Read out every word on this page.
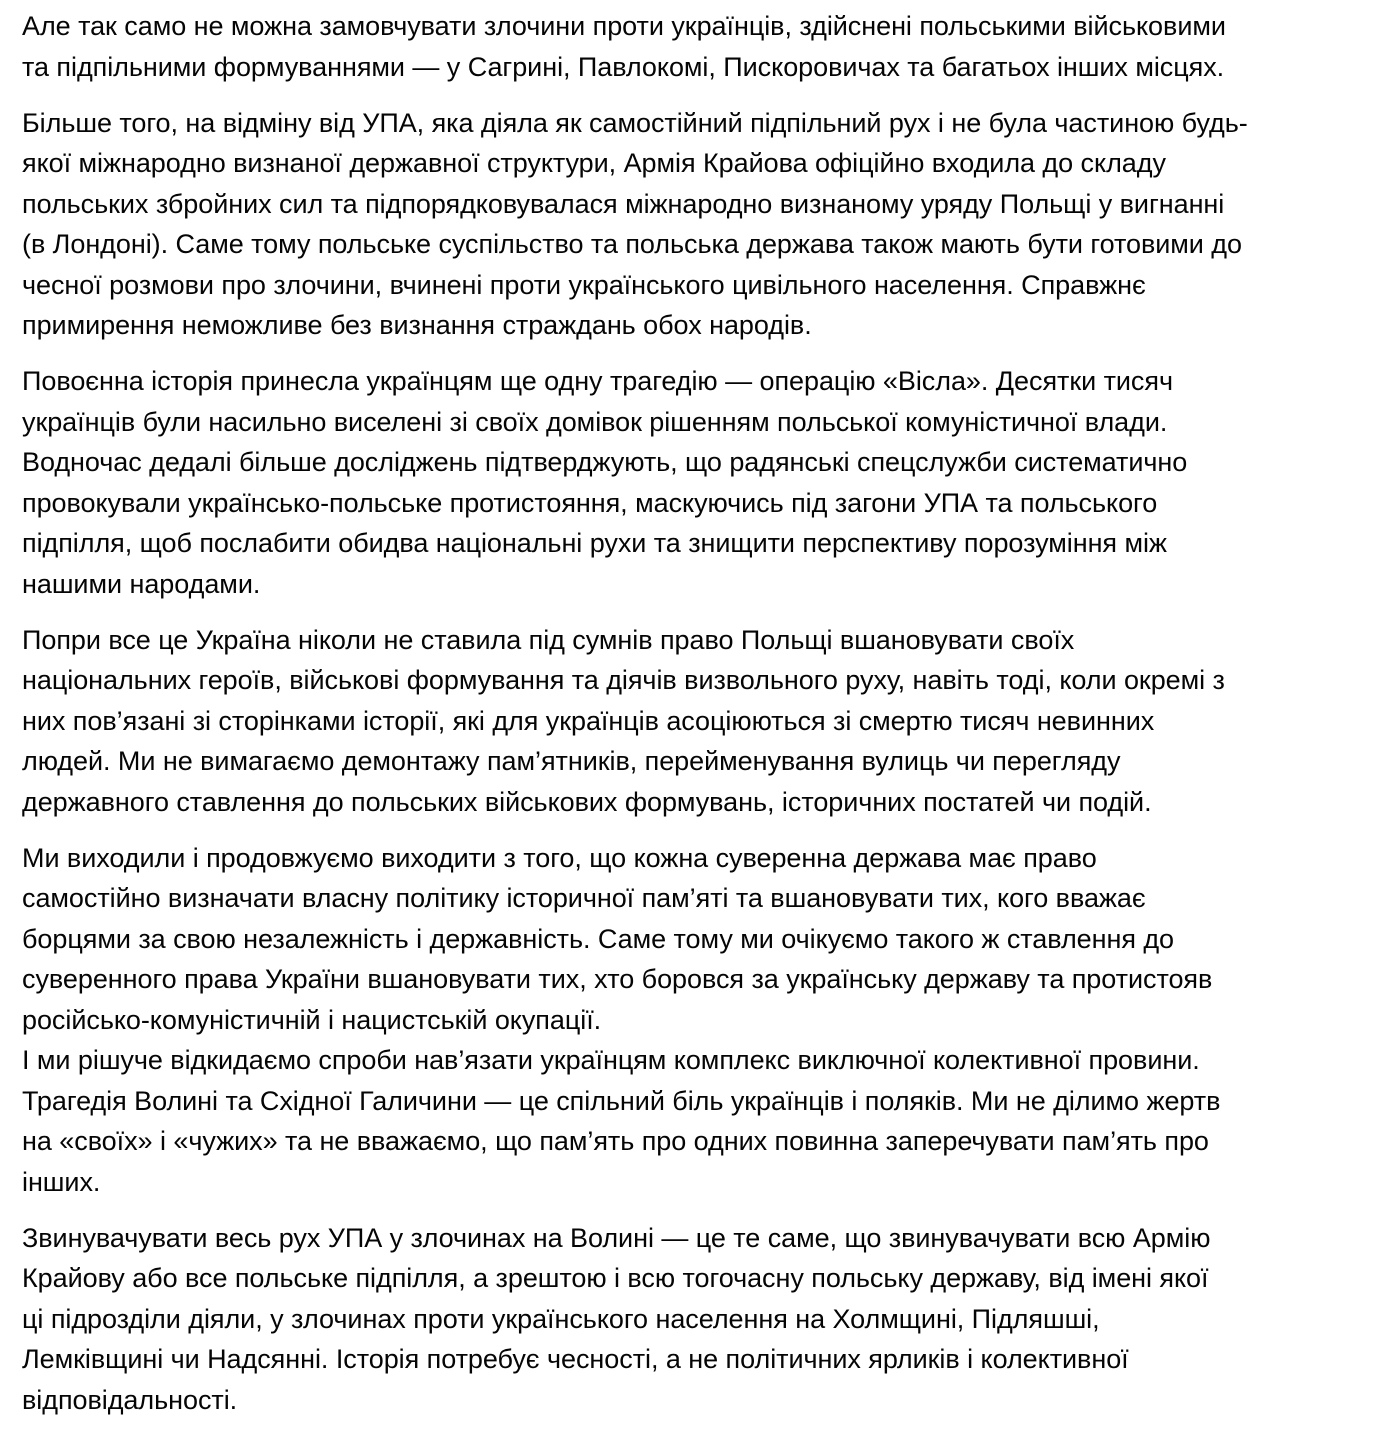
Але так само не можна замовчувати злочини проти українців, здійснені польськими військовими
та підпільними формуваннями — у Сагрині, Павлокомі, Пискоровичах та багатьох інших місцях.

Більше того, на відміну від УПА, яка діяла як самостійний підпільний рух і не була частиною будь-
якої міжнародно визнаної державної структури, Армія Крайова офіційно входила до складу
польських збройних сил та підпорядковувалася міжнародно визнаному уряду Польщі у вигнанні
(в Лондоні). Саме тому польське суспільство та польська держава також мають бути готовими до
чесної розмови про злочини, вчинені проти українського цивільного населення. Справжнє
примирення неможливе без визнання страждань обох народів.

Повоєнна історія принесла українцям ще одну трагедію — операцію «Вісла». Десятки тисяч
українців були насильно виселені зі своїх домівок рішенням польської комуністичної влади.
Водночас дедалі більше досліджень підтверджують, що радянські спецслужби систематично
провокували українсько-польське протистояння, маскуючись під загони УПА та польського
підпілля, щоб послабити обидва національні рухи та знищити перспективу порозуміння між
нашими народами.

Попри все це Україна ніколи не ставила під сумнів право Польщі вшановувати своїх
національних героїв, військові формування та діячів визвольного руху, навіть тоді, коли окремі з
них пов’язані зі сторінками історії, які для українців асоціюються зі смертю тисяч невинних
людей. Ми не вимагаємо демонтажу пам’ятників, перейменування вулиць чи перегляду
державного ставлення до польських військових формувань, історичних постатей чи подій.

Ми виходили і продовжуємо виходити з того, що кожна суверенна держава має право
самостійно визначати власну політику історичної пам’яті та вшановувати тих, кого вважає
борцями за свою незалежність і державність. Саме тому ми очікуємо такого ж ставлення до
суверенного права України вшановувати тих, хто боровся за українську державу та протистояв
російсько-комуністичній і нацистській окупації.

І ми рішуче відкидаємо спроби нав’язати українцям комплекс виключної колективної провини.
Трагедія Волині та Східної Галичини — це спільний біль українців і поляків. Ми не ділимо жертв
на «своїх» і «чужих» та не вважаємо, що пам’ять про одних повинна заперечувати пам’ять про
інших.

Звинувачувати весь рух УПА у злочинах на Волині — це те саме, що звинувачувати всю Армію
Крайову або все польське підпілля, а зрештою і всю тогочасну польську державу, від імені якої
ці підрозділи діяли, у злочинах проти українського населення на Холмщині, Підляшші,
Лемківщині чи Надсянні. Історія потребує чесності, а не політичних ярликів і колективної
відповідальності.
